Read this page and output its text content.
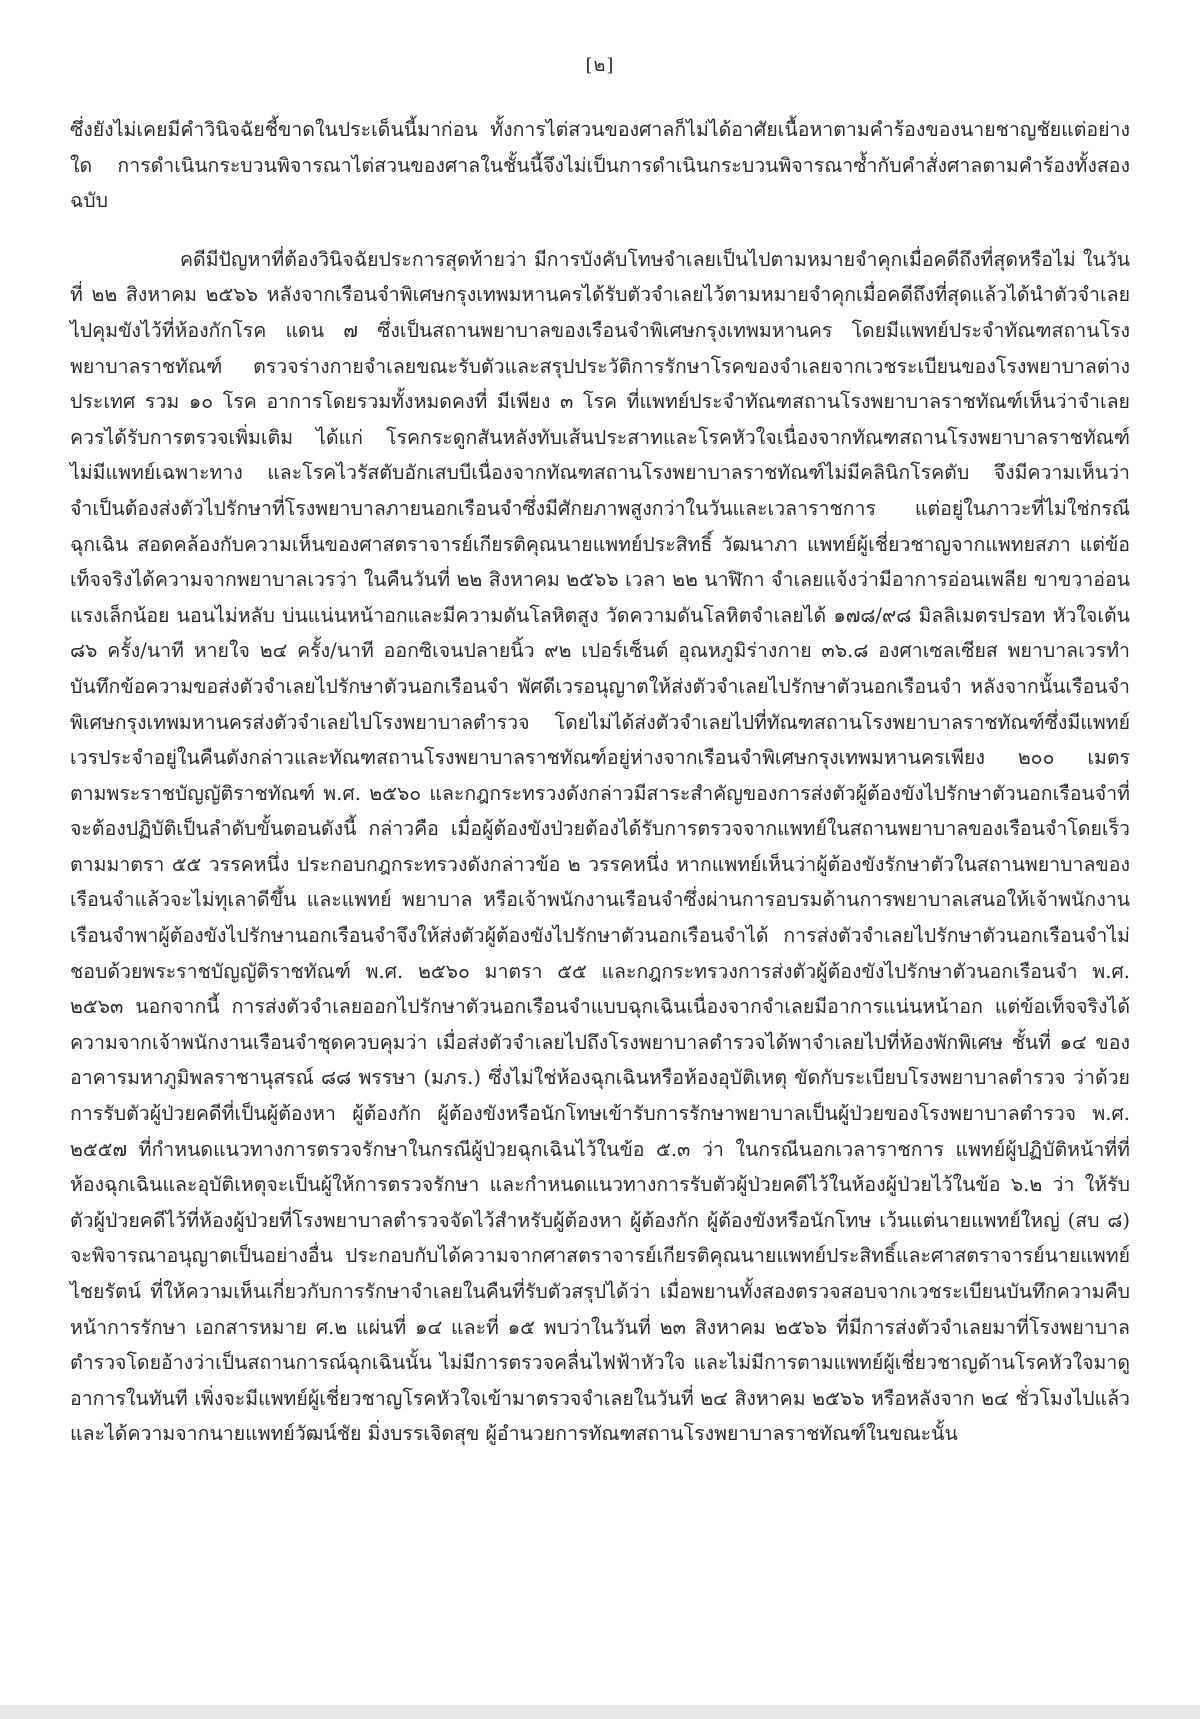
[๒]

ซึ่งยังไม่เคยมีคำวินิจฉัยชี้ขาดในประเด็นนี้มาก่อน ทั้งการไต่สวนของศาลก็ไม่ได้อาศัยเนื้อหาตามคำร้องของนายชาญชัยแต่อย่างใด การดำเนินกระบวนพิจารณาไต่สวนของศาลในชั้นนี้จึงไม่เป็นการดำเนินกระบวนพิจารณาซ้ำกับคำสั่งศาลตามคำร้องทั้งสองฉบับ

คดีมีปัญหาที่ต้องวินิจฉัยประการสุดท้ายว่า มีการบังคับโทษจำเลยเป็นไปตามหมายจำคุกเมื่อคดีถึงที่สุดหรือไม่ ในวันที่ ๒๒ สิงหาคม ๒๕๖๖ หลังจากเรือนจำพิเศษกรุงเทพมหานครได้รับตัวจำเลยไว้ตามหมายจำคุกเมื่อคดีถึงที่สุดแล้วได้นำตัวจำเลยไปคุมขังไว้ที่ห้องกักโรค แดน ๗ ซึ่งเป็นสถานพยาบาลของเรือนจำพิเศษกรุงเทพมหานคร โดยมีแพทย์ประจำทัณฑสถานโรงพยาบาลราชทัณฑ์ ตรวจร่างกายจำเลยขณะรับตัวและสรุปประวัติการรักษาโรคของจำเลยจากเวชระเบียนของโรงพยาบาลต่างประเทศ รวม ๑๐ โรค อาการโดยรวมทั้งหมดคงที่ มีเพียง ๓ โรค ที่แพทย์ประจำทัณฑสถานโรงพยาบาลราชทัณฑ์เห็นว่าจำเลยควรได้รับการตรวจเพิ่มเติม ได้แก่ โรคกระดูกสันหลังทับเส้นประสาทและโรคหัวใจเนื่องจากทัณฑสถานโรงพยาบาลราชทัณฑ์ไม่มีแพทย์เฉพาะทาง และโรคไวรัสตับอักเสบบีเนื่องจากทัณฑสถานโรงพยาบาลราชทัณฑ์ไม่มีคลินิกโรคตับ จึงมีความเห็นว่าจำเป็นต้องส่งตัวไปรักษาที่โรงพยาบาลภายนอกเรือนจำซึ่งมีศักยภาพสูงกว่าในวันและเวลาราชการ แต่อยู่ในภาวะที่ไม่ใช่กรณีฉุกเฉิน สอดคล้องกับความเห็นของศาสตราจารย์เกียรติคุณนายแพทย์ประสิทธิ์ วัฒนาภา แพทย์ผู้เชี่ยวชาญจากแพทยสภา แต่ข้อเท็จจริงได้ความจากพยาบาลเวรว่า ในคืนวันที่ ๒๒ สิงหาคม ๒๕๖๖ เวลา ๒๒ นาฬิกา จำเลยแจ้งว่ามีอาการอ่อนเพลีย ขาขวาอ่อนแรงเล็กน้อย นอนไม่หลับ บ่นแน่นหน้าอกและมีความดันโลหิตสูง วัดความดันโลหิตจำเลยได้ ๑๗๘/๙๘ มิลลิเมตรปรอท หัวใจเต้น ๘๖ ครั้ง/นาที หายใจ ๒๔ ครั้ง/นาที ออกซิเจนปลายนิ้ว ๙๒ เปอร์เซ็นต์ อุณหภูมิร่างกาย ๓๖.๘ องศาเซลเซียส พยาบาลเวรทำบันทึกข้อความขอส่งตัวจำเลยไปรักษาตัวนอกเรือนจำ พัศดีเวรอนุญาตให้ส่งตัวจำเลยไปรักษาตัวนอกเรือนจำ หลังจากนั้นเรือนจำพิเศษกรุงเทพมหานครส่งตัวจำเลยไปโรงพยาบาลตำรวจ โดยไม่ได้ส่งตัวจำเลยไปที่ทัณฑสถานโรงพยาบาลราชทัณฑ์ซึ่งมีแพทย์เวรประจำอยู่ในคืนดังกล่าวและทัณฑสถานโรงพยาบาลราชทัณฑ์อยู่ห่างจากเรือนจำพิเศษกรุงเทพมหานครเพียง ๒๐๐ เมตร ตามพระราชบัญญัติราชทัณฑ์ พ.ศ. ๒๕๖๐ และกฎกระทรวงดังกล่าวมีสาระสำคัญของการส่งตัวผู้ต้องขังไปรักษาตัวนอกเรือนจำที่จะต้องปฏิบัติเป็นลำดับขั้นตอนดังนี้ กล่าวคือ เมื่อผู้ต้องขังป่วยต้องได้รับการตรวจจากแพทย์ในสถานพยาบาลของเรือนจำโดยเร็วตามมาตรา ๕๕ วรรคหนึ่ง ประกอบกฎกระทรวงดังกล่าวข้อ ๒ วรรคหนึ่ง หากแพทย์เห็นว่าผู้ต้องขังรักษาตัวในสถานพยาบาลของเรือนจำแล้วจะไม่ทุเลาดีขึ้น และแพทย์ พยาบาล หรือเจ้าพนักงานเรือนจำซึ่งผ่านการอบรมด้านการพยาบาลเสนอให้เจ้าพนักงานเรือนจำพาผู้ต้องขังไปรักษานอกเรือนจำจึงให้ส่งตัวผู้ต้องขังไปรักษาตัวนอกเรือนจำได้ การส่งตัวจำเลยไปรักษาตัวนอกเรือนจำไม่ชอบด้วยพระราชบัญญัติราชทัณฑ์ พ.ศ. ๒๕๖๐ มาตรา ๕๕ และกฎกระทรวงการส่งตัวผู้ต้องขังไปรักษาตัวนอกเรือนจำ พ.ศ. ๒๕๖๓ นอกจากนี้ การส่งตัวจำเลยออกไปรักษาตัวนอกเรือนจำแบบฉุกเฉินเนื่องจากจำเลยมีอาการแน่นหน้าอก แต่ข้อเท็จจริงได้ความจากเจ้าพนักงานเรือนจำชุดควบคุมว่า เมื่อส่งตัวจำเลยไปถึงโรงพยาบาลตำรวจได้พาจำเลยไปที่ห้องพักพิเศษ ชั้นที่ ๑๔ ของอาคารมหาภูมิพลราชานุสรณ์ ๘๘ พรรษา (มภร.) ซึ่งไม่ใช่ห้องฉุกเฉินหรือห้องอุบัติเหตุ ขัดกับระเบียบโรงพยาบาลตำรวจ ว่าด้วยการรับตัวผู้ป่วยคดีที่เป็นผู้ต้องหา ผู้ต้องกัก ผู้ต้องขังหรือนักโทษเข้ารับการรักษาพยาบาลเป็นผู้ป่วยของโรงพยาบาลตำรวจ พ.ศ. ๒๕๕๗ ที่กำหนดแนวทางการตรวจรักษาในกรณีผู้ป่วยฉุกเฉินไว้ในข้อ ๕.๓ ว่า ในกรณีนอกเวลาราชการ แพทย์ผู้ปฏิบัติหน้าที่ที่ห้องฉุกเฉินและอุบัติเหตุจะเป็นผู้ให้การตรวจรักษา และกำหนดแนวทางการรับตัวผู้ป่วยคดีไว้ในห้องผู้ป่วยไว้ในข้อ ๖.๒ ว่า ให้รับตัวผู้ป่วยคดีไว้ที่ห้องผู้ป่วยที่โรงพยาบาลตำรวจจัดไว้สำหรับผู้ต้องหา ผู้ต้องกัก ผู้ต้องขังหรือนักโทษ เว้นแต่นายแพทย์ใหญ่ (สบ ๘) จะพิจารณาอนุญาตเป็นอย่างอื่น ประกอบกับได้ความจากศาสตราจารย์เกียรติคุณนายแพทย์ประสิทธิ์และศาสตราจารย์นายแพทย์ไชยรัตน์ ที่ให้ความเห็นเกี่ยวกับการรักษาจำเลยในคืนที่รับตัวสรุปได้ว่า เมื่อพยานทั้งสองตรวจสอบจากเวชระเบียนบันทึกความคืบหน้าการรักษา เอกสารหมาย ศ.๒ แผ่นที่ ๑๔ และที่ ๑๕ พบว่าในวันที่ ๒๓ สิงหาคม ๒๕๖๖ ที่มีการส่งตัวจำเลยมาที่โรงพยาบาลตำรวจโดยอ้างว่าเป็นสถานการณ์ฉุกเฉินนั้น ไม่มีการตรวจคลื่นไฟฟ้าหัวใจ และไม่มีการตามแพทย์ผู้เชี่ยวชาญด้านโรคหัวใจมาดูอาการในทันที เพิ่งจะมีแพทย์ผู้เชี่ยวชาญโรคหัวใจเข้ามาตรวจจำเลยในวันที่ ๒๔ สิงหาคม ๒๕๖๖ หรือหลังจาก ๒๔ ชั่วโมงไปแล้ว และได้ความจากนายแพทย์วัฒน์ชัย มิ่งบรรเจิดสุข ผู้อำนวยการทัณฑสถานโรงพยาบาลราชทัณฑ์ในขณะนั้น
